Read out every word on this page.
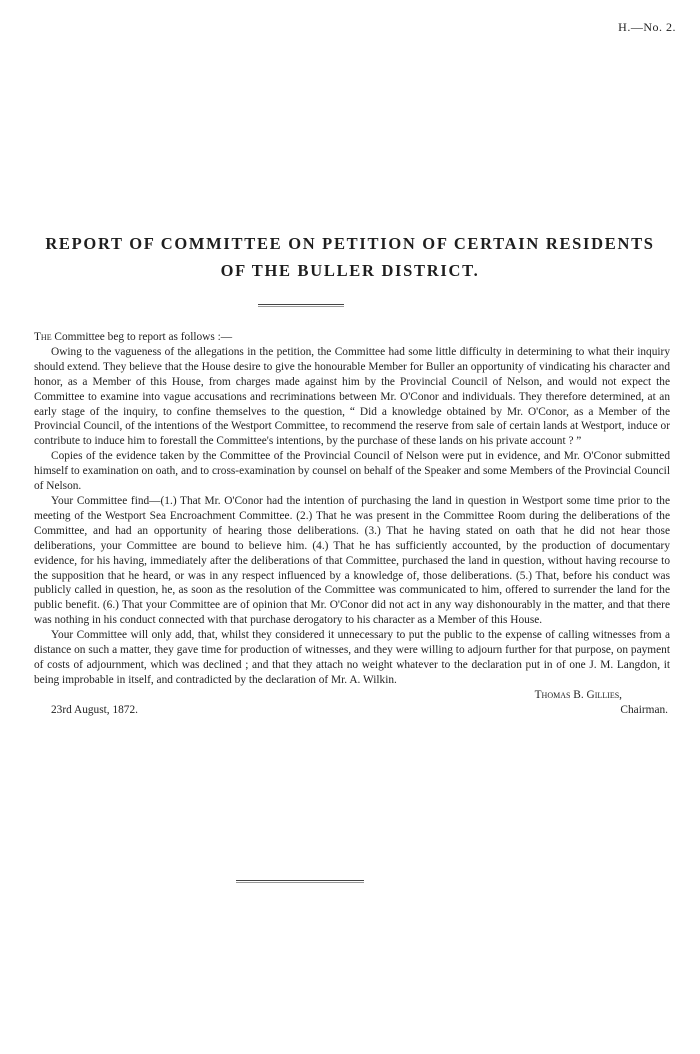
H.—No. 2.
REPORT OF COMMITTEE ON PETITION OF CERTAIN RESIDENTS
OF THE BULLER DISTRICT.

The Committee beg to report as follows :—

Owing to the vagueness of the allegations in the petition, the Committee had some little difficulty in determining to what their inquiry should extend. They believe that the House desire to give the honourable Member for Buller an opportunity of vindicating his character and honor, as a Member of this House, from charges made against him by the Provincial Council of Nelson, and would not expect the Committee to examine into vague accusations and recriminations between Mr. O'Conor and individuals. They therefore determined, at an early stage of the inquiry, to confine themselves to the question, “ Did a knowledge obtained by Mr. O'Conor, as a Member of the Provincial Council, of the intentions of the Westport Committee, to recommend the reserve from sale of certain lands at Westport, induce or contribute to induce him to forestall the Committee's intentions, by the purchase of these lands on his private account ? ”

Copies of the evidence taken by the Committee of the Provincial Council of Nelson were put in evidence, and Mr. O'Conor submitted himself to examination on oath, and to cross-examination by counsel on behalf of the Speaker and some Members of the Provincial Council of Nelson.

Your Committee find—(1.) That Mr. O'Conor had the intention of purchasing the land in question in Westport some time prior to the meeting of the Westport Sea Encroachment Committee. (2.) That he was present in the Committee Room during the deliberations of the Committee, and had an opportunity of hearing those deliberations. (3.) That he having stated on oath that he did not hear those deliberations, your Committee are bound to believe him. (4.) That he has sufficiently accounted, by the production of documentary evidence, for his having, immediately after the deliberations of that Committee, purchased the land in question, without having recourse to the supposition that he heard, or was in any respect influenced by a knowledge of, those deliberations. (5.) That, before his conduct was publicly called in question, he, as soon as the resolution of the Committee was communicated to him, offered to surrender the land for the public benefit. (6.) That your Committee are of opinion that Mr. O'Conor did not act in any way dishonourably in the matter, and that there was nothing in his conduct connected with that purchase derogatory to his character as a Member of this House.

Your Committee will only add, that, whilst they considered it unnecessary to put the public to the expense of calling witnesses from a distance on such a matter, they gave time for production of witnesses, and they were willing to adjourn further for that purpose, on payment of costs of adjournment, which was declined ; and that they attach no weight whatever to the declaration put in of one J. M. Langdon, it being improbable in itself, and contradicted by the declaration of Mr. A. Wilkin.

Thomas B. Gillies,

23rd August, 1872.	Chairman.
